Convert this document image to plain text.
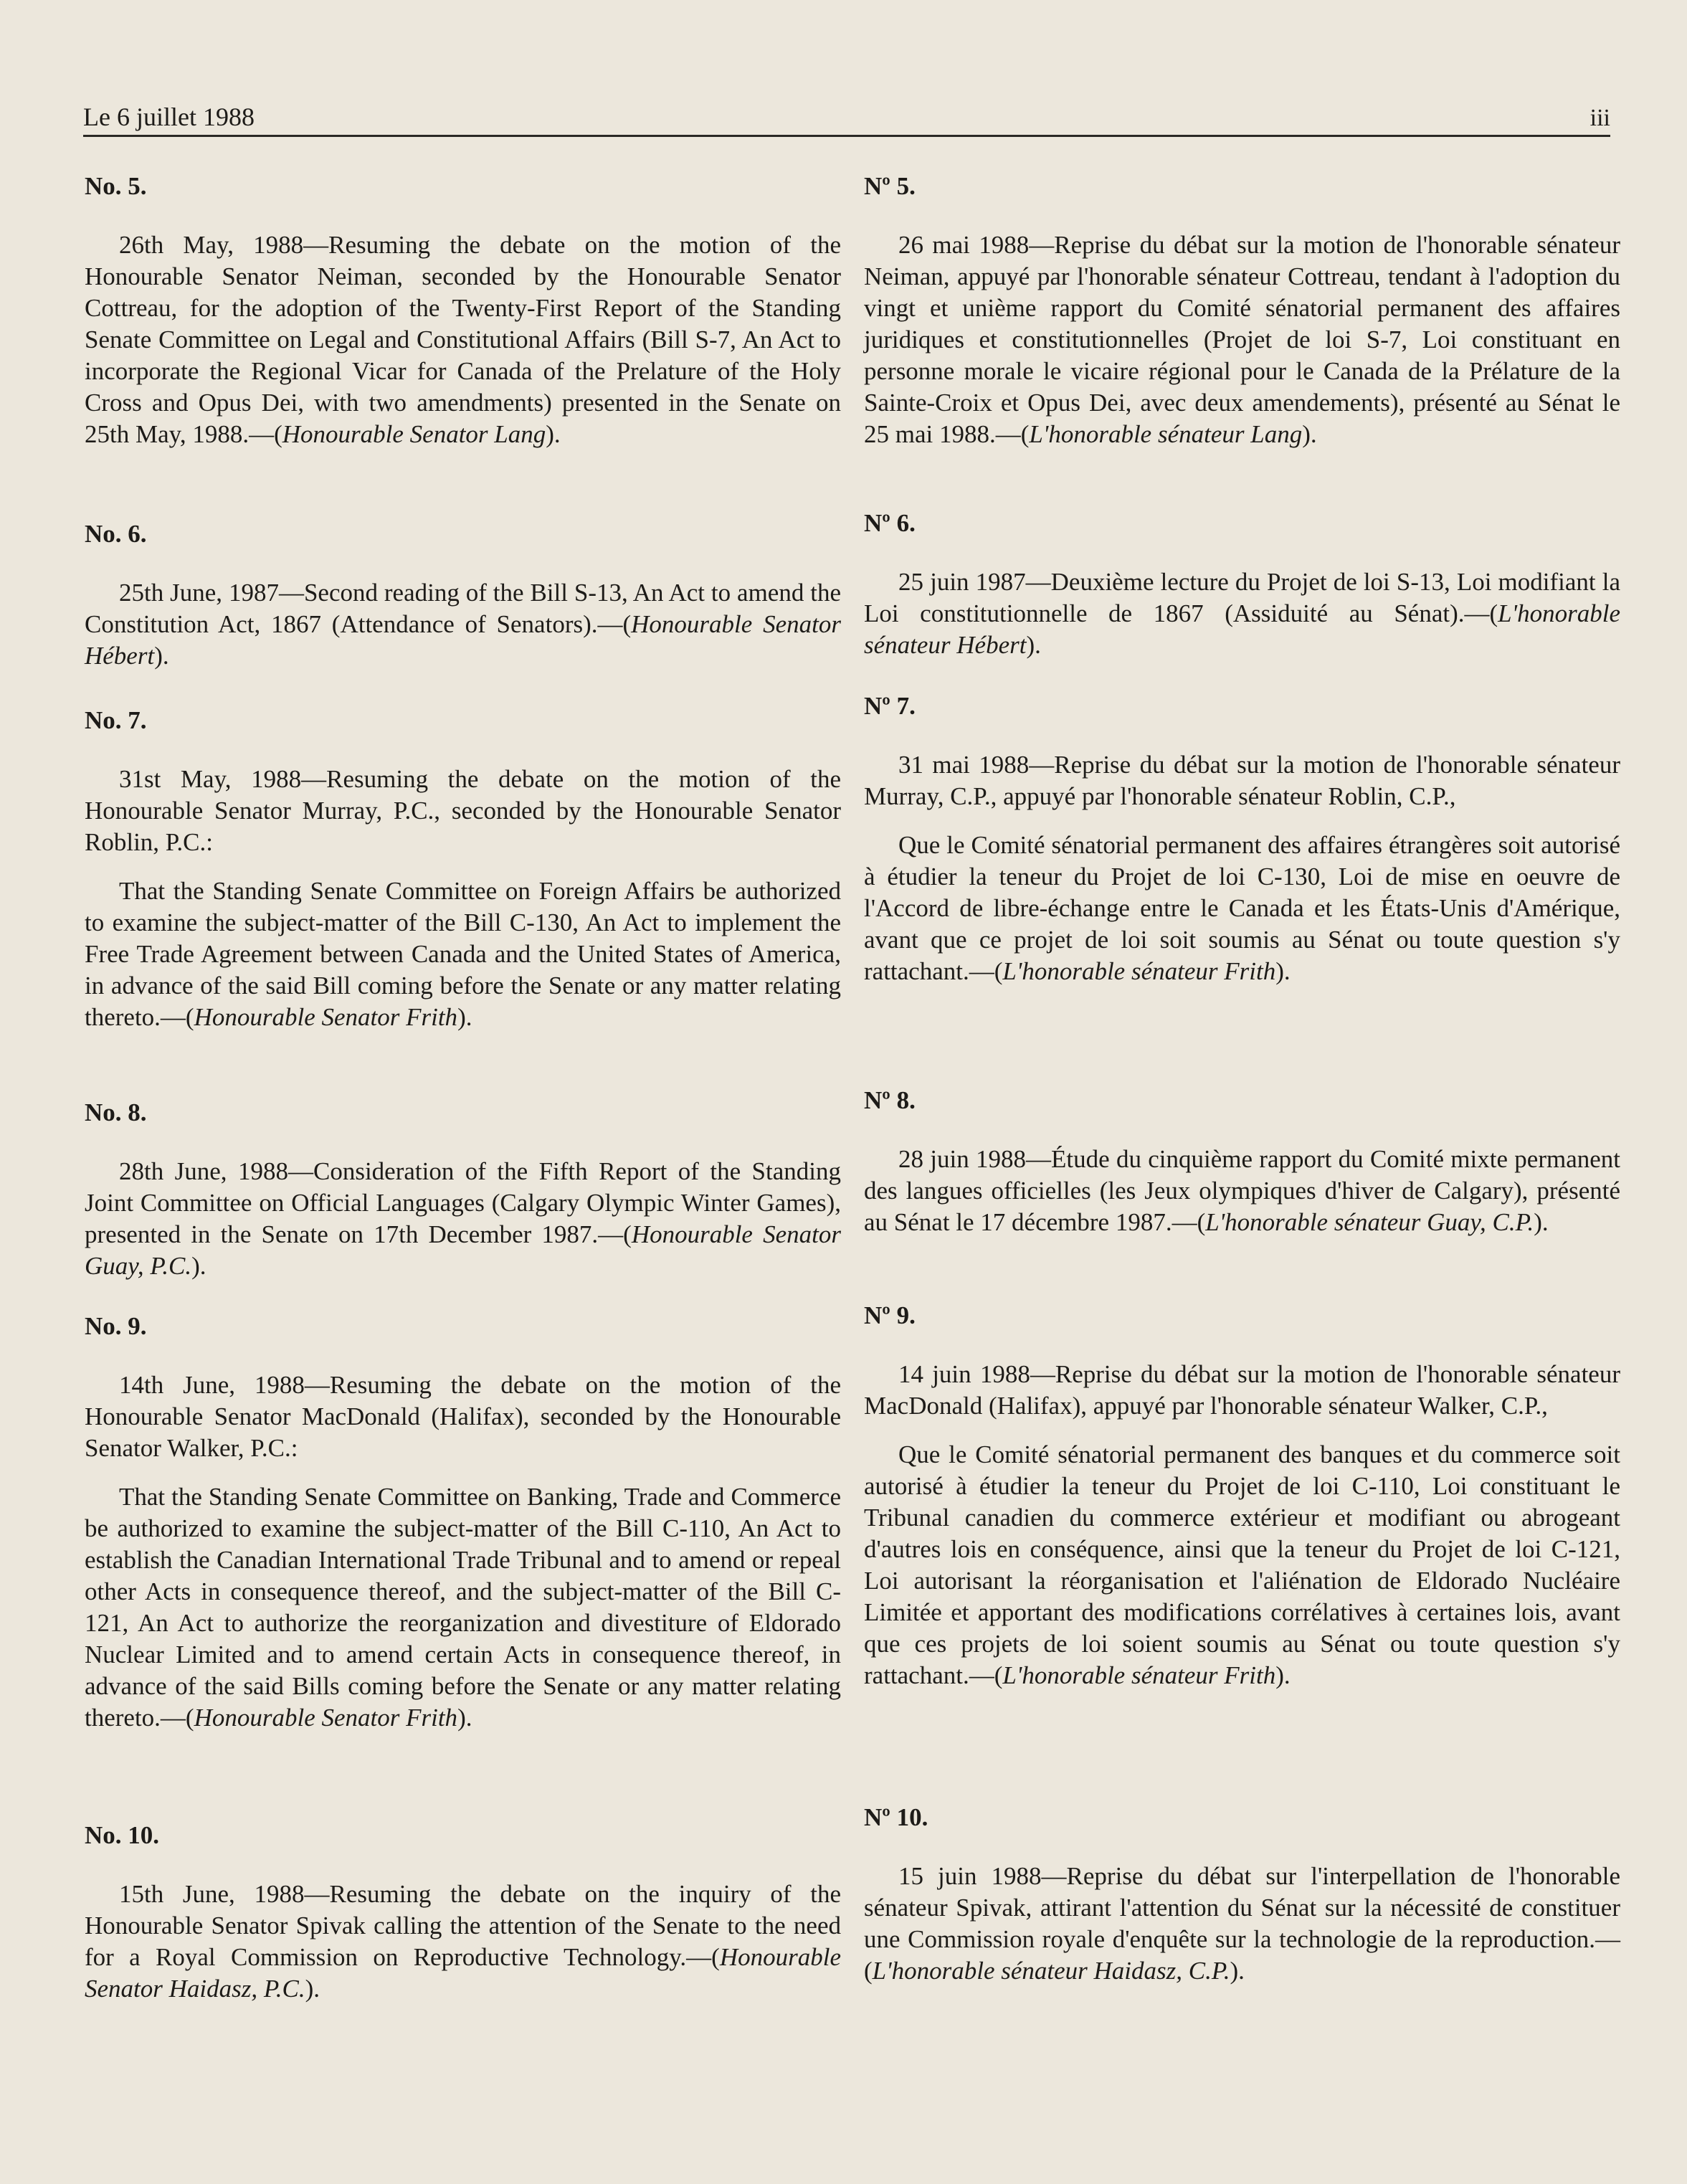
Le 6 juillet 1988	iii
No. 5.

26th May, 1988—Resuming the debate on the motion of the Honourable Senator Neiman, seconded by the Honourable Senator Cottreau, for the adoption of the Twenty-First Report of the Standing Senate Committee on Legal and Constitutional Affairs (Bill S-7, An Act to incorporate the Regional Vicar for Canada of the Prelature of the Holy Cross and Opus Dei, with two amendments) presented in the Senate on 25th May, 1988.—(Honourable Senator Lang).

No. 6.

25th June, 1987—Second reading of the Bill S-13, An Act to amend the Constitution Act, 1867 (Attendance of Senators).—(Honourable Senator Hébert).

No. 7.

31st May, 1988—Resuming the debate on the motion of the Honourable Senator Murray, P.C., seconded by the Honourable Senator Roblin, P.C.:

That the Standing Senate Committee on Foreign Affairs be authorized to examine the subject-matter of the Bill C-130, An Act to implement the Free Trade Agreement between Canada and the United States of America, in advance of the said Bill coming before the Senate or any matter relating thereto.—(Honourable Senator Frith).

No. 8.

28th June, 1988—Consideration of the Fifth Report of the Standing Joint Committee on Official Languages (Calgary Olympic Winter Games), presented in the Senate on 17th December 1987.—(Honourable Senator Guay, P.C.).

No. 9.

14th June, 1988—Resuming the debate on the motion of the Honourable Senator MacDonald (Halifax), seconded by the Honourable Senator Walker, P.C.:

That the Standing Senate Committee on Banking, Trade and Commerce be authorized to examine the subject-matter of the Bill C-110, An Act to establish the Canadian International Trade Tribunal and to amend or repeal other Acts in consequence thereof, and the subject-matter of the Bill C-121, An Act to authorize the reorganization and divestiture of Eldorado Nuclear Limited and to amend certain Acts in consequence thereof, in advance of the said Bills coming before the Senate or any matter relating thereto.—(Honourable Senator Frith).

No. 10.

15th June, 1988—Resuming the debate on the inquiry of the Honourable Senator Spivak calling the attention of the Senate to the need for a Royal Commission on Reproductive Technology.—(Honourable Senator Haidasz, P.C.).

Nº 5.

26 mai 1988—Reprise du débat sur la motion de l'honorable sénateur Neiman, appuyé par l'honorable sénateur Cottreau, tendant à l'adoption du vingt et unième rapport du Comité sénatorial permanent des affaires juridiques et constitutionnelles (Projet de loi S-7, Loi constituant en personne morale le vicaire régional pour le Canada de la Prélature de la Sainte-Croix et Opus Dei, avec deux amendements), présenté au Sénat le 25 mai 1988.—(L'honorable sénateur Lang).

Nº 6.

25 juin 1987—Deuxième lecture du Projet de loi S-13, Loi modifiant la Loi constitutionnelle de 1867 (Assiduité au Sénat).—(L'honorable sénateur Hébert).

Nº 7.

31 mai 1988—Reprise du débat sur la motion de l'honorable sénateur Murray, C.P., appuyé par l'honorable sénateur Roblin, C.P.,

Que le Comité sénatorial permanent des affaires étrangères soit autorisé à étudier la teneur du Projet de loi C-130, Loi de mise en oeuvre de l'Accord de libre-échange entre le Canada et les États-Unis d'Amérique, avant que ce projet de loi soit soumis au Sénat ou toute question s'y rattachant.—(L'honorable sénateur Frith).

Nº 8.

28 juin 1988—Étude du cinquième rapport du Comité mixte permanent des langues officielles (les Jeux olympiques d'hiver de Calgary), présenté au Sénat le 17 décembre 1987.—(L'honorable sénateur Guay, C.P.).

Nº 9.

14 juin 1988—Reprise du débat sur la motion de l'honorable sénateur MacDonald (Halifax), appuyé par l'honorable sénateur Walker, C.P.,

Que le Comité sénatorial permanent des banques et du commerce soit autorisé à étudier la teneur du Projet de loi C-110, Loi constituant le Tribunal canadien du commerce extérieur et modifiant ou abrogeant d'autres lois en conséquence, ainsi que la teneur du Projet de loi C-121, Loi autorisant la réorganisation et l'aliénation de Eldorado Nucléaire Limitée et apportant des modifications corrélatives à certaines lois, avant que ces projets de loi soient soumis au Sénat ou toute question s'y rattachant.—(L'honorable sénateur Frith).

Nº 10.

15 juin 1988—Reprise du débat sur l'interpellation de l'honorable sénateur Spivak, attirant l'attention du Sénat sur la nécessité de constituer une Commission royale d'enquête sur la technologie de la reproduction.—(L'honorable sénateur Haidasz, C.P.).
